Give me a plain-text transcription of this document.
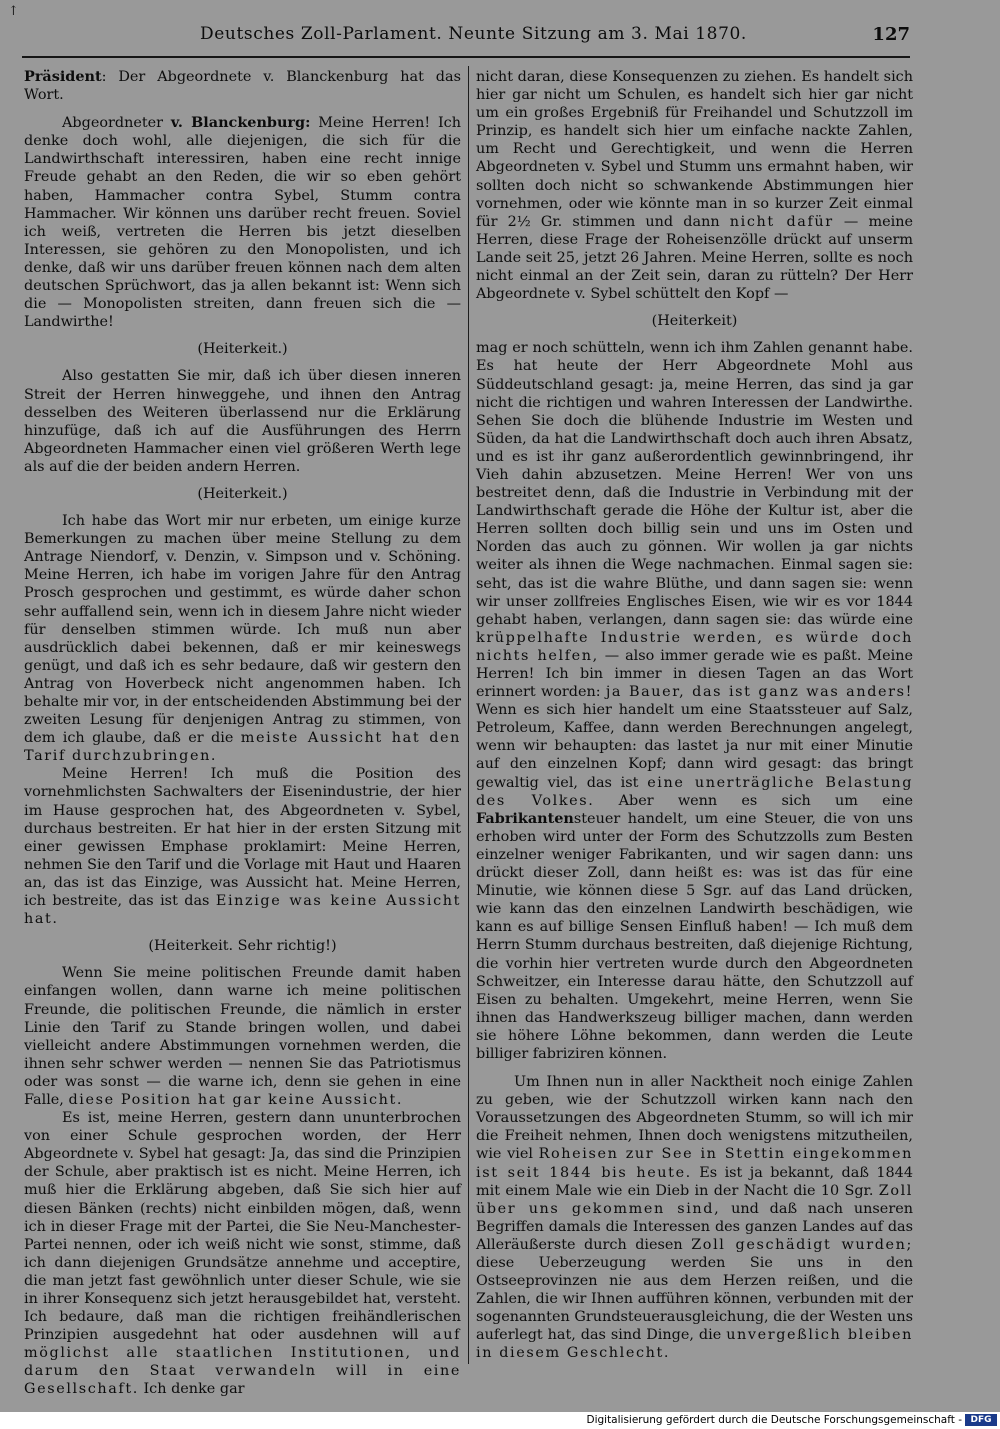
↑
Deutsches Zoll-Parlament. Neunte Sitzung am 3. Mai 1870.	127

Präsident: Der Abgeordnete v. Blanckenburg hat das Wort.

Abgeordneter v. Blanckenburg: Meine Herren! Ich denke doch wohl, alle diejenigen, die sich für die Landwirthschaft interessiren, haben eine recht innige Freude gehabt an den Reden, die wir so eben gehört haben, Hammacher contra Sybel, Stumm contra Hammacher. Wir können uns darüber recht freuen. Soviel ich weiß, vertreten die Herren bis jetzt dieselben Interessen, sie gehören zu den Monopolisten, und ich denke, daß wir uns darüber freuen können nach dem alten deutschen Sprüchwort, das ja allen bekannt ist: Wenn sich die — Monopolisten streiten, dann freuen sich die — Landwirthe!

(Heiterkeit.)

Also gestatten Sie mir, daß ich über diesen inneren Streit der Herren hinweggehe, und ihnen den Antrag desselben des Weiteren überlassend nur die Erklärung hinzufüge, daß ich auf die Ausführungen des Herrn Abgeordneten Hammacher einen viel größeren Werth lege als auf die der beiden andern Herren.

(Heiterkeit.)

Ich habe das Wort mir nur erbeten, um einige kurze Bemerkungen zu machen über meine Stellung zu dem Antrage Niendorf, v. Denzin, v. Simpson und v. Schöning. Meine Herren, ich habe im vorigen Jahre für den Antrag Prosch gesprochen und gestimmt, es würde daher schon sehr auffallend sein, wenn ich in diesem Jahre nicht wieder für denselben stimmen würde. Ich muß nun aber ausdrücklich dabei bekennen, daß er mir keineswegs genügt, und daß ich es sehr bedaure, daß wir gestern den Antrag von Hoverbeck nicht angenommen haben. Ich behalte mir vor, in der entscheidenden Abstimmung bei der zweiten Lesung für denjenigen Antrag zu stimmen, von dem ich glaube, daß er die meiste Aussicht hat den Tarif durchzubringen.

Meine Herren! Ich muß die Position des vornehmlichsten Sachwalters der Eisenindustrie, der hier im Hause gesprochen hat, des Abgeordneten v. Sybel, durchaus bestreiten. Er hat hier in der ersten Sitzung mit einer gewissen Emphase proklamirt: Meine Herren, nehmen Sie den Tarif und die Vorlage mit Haut und Haaren an, das ist das Einzige, was Aussicht hat. Meine Herren, ich bestreite, das ist das Einzige was keine Aussicht hat.

(Heiterkeit. Sehr richtig!)

Wenn Sie meine politischen Freunde damit haben einfangen wollen, dann warne ich meine politischen Freunde, die politischen Freunde, die nämlich in erster Linie den Tarif zu Stande bringen wollen, und dabei vielleicht andere Abstimmungen vornehmen werden, die ihnen sehr schwer werden — nennen Sie das Patriotismus oder was sonst — die warne ich, denn sie gehen in eine Falle, diese Position hat gar keine Aussicht.

Es ist, meine Herren, gestern dann ununterbrochen von einer Schule gesprochen worden, der Herr Abgeordnete v. Sybel hat gesagt: Ja, das sind die Prinzipien der Schule, aber praktisch ist es nicht. Meine Herren, ich muß hier die Erklärung abgeben, daß Sie sich hier auf diesen Bänken (rechts) nicht einbilden mögen, daß, wenn ich in dieser Frage mit der Partei, die Sie Neu-Manchester-Partei nennen, oder ich weiß nicht wie sonst, stimme, daß ich dann diejenigen Grundsätze annehme und acceptire, die man jetzt fast gewöhnlich unter dieser Schule, wie sie in ihrer Konsequenz sich jetzt herausgebildet hat, versteht. Ich bedaure, daß man die richtigen freihändlerischen Prinzipien ausgedehnt hat oder ausdehnen will auf möglichst alle staatlichen Institutionen, und darum den Staat verwandeln will in eine Gesellschaft. Ich denke gar

nicht daran, diese Konsequenzen zu ziehen. Es handelt sich hier gar nicht um Schulen, es handelt sich hier gar nicht um ein großes Ergebniß für Freihandel und Schutzzoll im Prinzip, es handelt sich hier um einfache nackte Zahlen, um Recht und Gerechtigkeit, und wenn die Herren Abgeordneten v. Sybel und Stumm uns ermahnt haben, wir sollten doch nicht so schwankende Abstimmungen hier vornehmen, oder wie könnte man in so kurzer Zeit einmal für 2½ Gr. stimmen und dann nicht dafür — meine Herren, diese Frage der Roheisenzölle drückt auf unserm Lande seit 25, jetzt 26 Jahren. Meine Herren, sollte es noch nicht einmal an der Zeit sein, daran zu rütteln? Der Herr Abgeordnete v. Sybel schüttelt den Kopf —

(Heiterkeit)

mag er noch schütteln, wenn ich ihm Zahlen genannt habe. Es hat heute der Herr Abgeordnete Mohl aus Süddeutschland gesagt: ja, meine Herren, das sind ja gar nicht die richtigen und wahren Interessen der Landwirthe. Sehen Sie doch die blühende Industrie im Westen und Süden, da hat die Landwirthschaft doch auch ihren Absatz, und es ist ihr ganz außerordentlich gewinnbringend, ihr Vieh dahin abzusetzen. Meine Herren! Wer von uns bestreitet denn, daß die Industrie in Verbindung mit der Landwirthschaft gerade die Höhe der Kultur ist, aber die Herren sollten doch billig sein und uns im Osten und Norden das auch zu gönnen. Wir wollen ja gar nichts weiter als ihnen die Wege nachmachen. Einmal sagen sie: seht, das ist die wahre Blüthe, und dann sagen sie: wenn wir unser zollfreies Englisches Eisen, wie wir es vor 1844 gehabt haben, verlangen, dann sagen sie: das würde eine krüppelhafte Industrie werden, es würde doch nichts helfen, — also immer gerade wie es paßt. Meine Herren! Ich bin immer in diesen Tagen an das Wort erinnert worden: ja Bauer, das ist ganz was anders! Wenn es sich hier handelt um eine Staatssteuer auf Salz, Petroleum, Kaffee, dann werden Berechnungen angelegt, wenn wir behaupten: das lastet ja nur mit einer Minutie auf den einzelnen Kopf; dann wird gesagt: das bringt gewaltig viel, das ist eine unerträgliche Belastung des Volkes. Aber wenn es sich um eine Fabrikantensteuer handelt, um eine Steuer, die von uns erhoben wird unter der Form des Schutzzolls zum Besten einzelner weniger Fabrikanten, und wir sagen dann: uns drückt dieser Zoll, dann heißt es: was ist das für eine Minutie, wie können diese 5 Sgr. auf das Land drücken, wie kann das den einzelnen Landwirth beschädigen, wie kann es auf billige Sensen Einfluß haben! — Ich muß dem Herrn Stumm durchaus bestreiten, daß diejenige Richtung, die vorhin hier vertreten wurde durch den Abgeordneten Schweitzer, ein Interesse darau hätte, den Schutzzoll auf Eisen zu behalten. Umgekehrt, meine Herren, wenn Sie ihnen das Handwerkszeug billiger machen, dann werden sie höhere Löhne bekommen, dann werden die Leute billiger fabriziren können.

Um Ihnen nun in aller Nacktheit noch einige Zahlen zu geben, wie der Schutzzoll wirken kann nach den Voraussetzungen des Abgeordneten Stumm, so will ich mir die Freiheit nehmen, Ihnen doch wenigstens mitzutheilen, wie viel Roheisen zur See in Stettin eingekommen ist seit 1844 bis heute. Es ist ja bekannt, daß 1844 mit einem Male wie ein Dieb in der Nacht die 10 Sgr. Zoll über uns gekommen sind, und daß nach unseren Begriffen damals die Interessen des ganzen Landes auf das Alleräußerste durch diesen Zoll geschädigt wurden; diese Ueberzeugung werden Sie uns in den Ostseeprovinzen nie aus dem Herzen reißen, und die Zahlen, die wir Ihnen aufführen können, verbunden mit der sogenannten Grundsteuerausgleichung, die der Westen uns auferlegt hat, das sind Dinge, die unvergeßlich bleiben in diesem Geschlecht.

Digitalisierung gefördert durch die Deutsche Forschungsgemeinschaft - DFG
